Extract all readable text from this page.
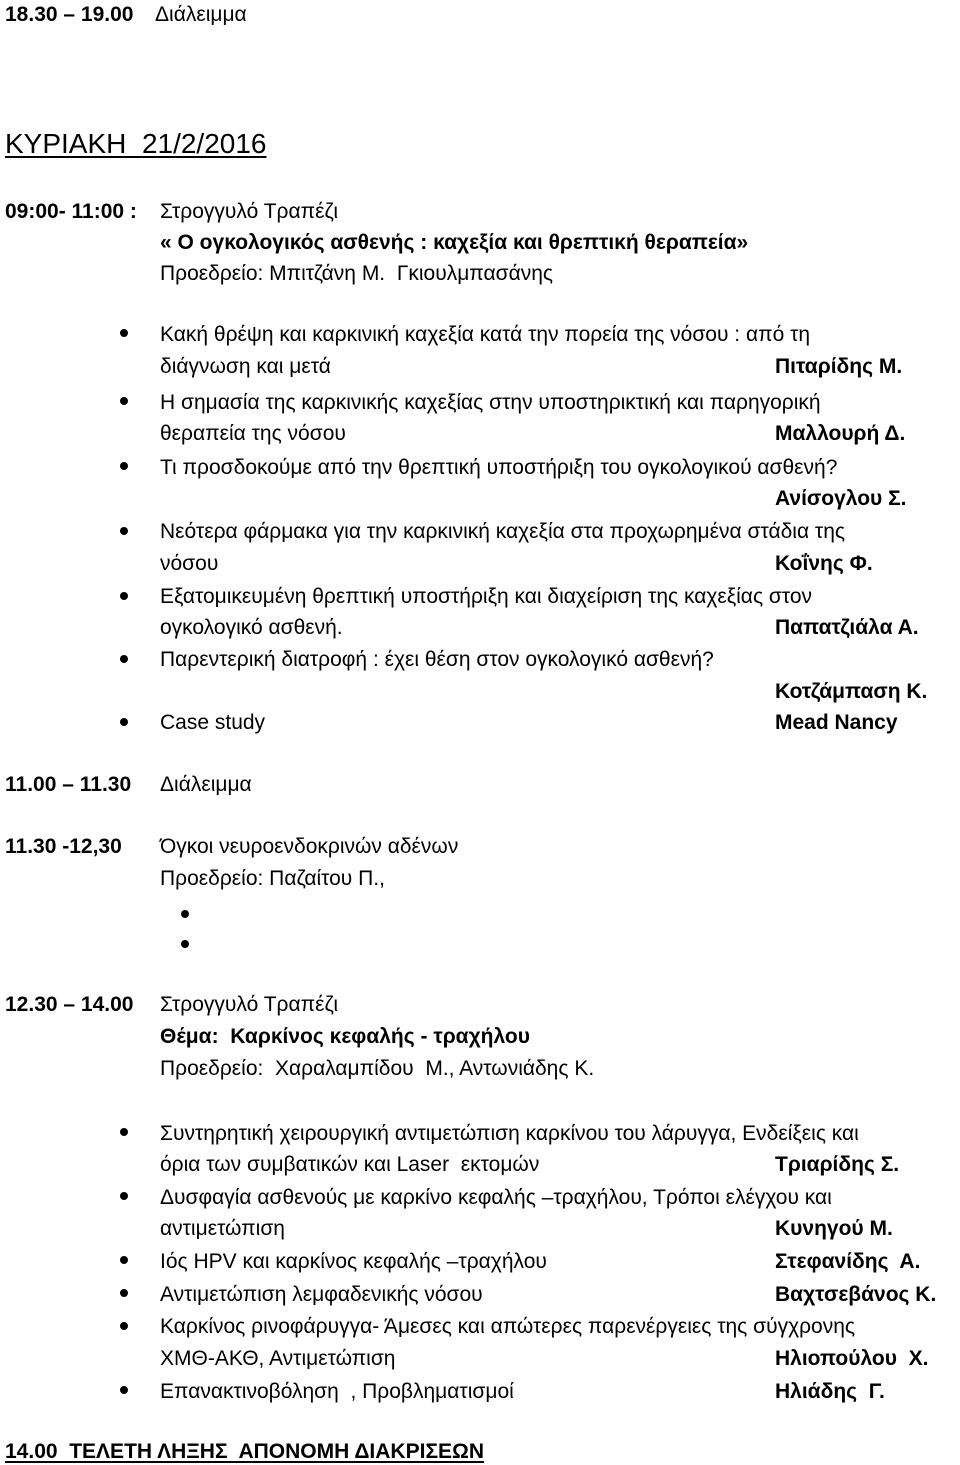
18.30 – 19.00 Διάλειμμα
ΚΥΡΙΑΚΗ  21/2/2016
09:00- 11:00 : Στρογγυλό Τραπέζι
« Ο ογκολογικός ασθενής : καχεξία και θρεπτική θεραπεία»
Προεδρείο: Μπιτζάνη Μ.  Γκιουλμπασάνης
Κακή θρέψη και καρκινική καχεξία κατά την πορεία της νόσου : από τη
διάγνωση και μετά	Πιταρίδης Μ.
Η σημασία της καρκινικής καχεξίας στην υποστηρικτική και παρηγορική
θεραπεία της νόσου	Μαλλουρή Δ.
Τι προσδοκούμε από την θρεπτική υποστήριξη του ογκολογικού ασθενή?
Ανίσογλου Σ.
Νεότερα φάρμακα για την καρκινική καχεξία στα προχωρημένα στάδια της
νόσου	Κοΐνης Φ.
Εξατομικευμένη θρεπτική υποστήριξη και διαχείριση της καχεξίας στον
ογκολογικό ασθενή.	Παπατζιάλα Α.
Παρεντερική διατροφή : έχει θέση στον ογκολογικό ασθενή?
Κοτζάμπαση Κ.
Case study	Mead Nancy
11.00 – 11.30 Διάλειμμα
11.30 -12,30 Όγκοι νευροενδοκρινών αδένων
Προεδρείο: Παζαίτου Π.,
12.30 – 14.00 Στρογγυλό Τραπέζι
Θέμα:  Καρκίνος κεφαλής - τραχήλου
Προεδρείο:  Χαραλαμπίδου  Μ., Αντωνιάδης Κ.
Συντηρητική χειρουργική αντιμετώπιση καρκίνου του λάρυγγα, Ενδείξεις και
όρια των συμβατικών και Laser  εκτομών	Τριαρίδης Σ.
Δυσφαγία ασθενούς με καρκίνο κεφαλής –τραχήλου, Τρόποι ελέγχου και
αντιμετώπιση	Κυνηγού Μ.
Ιός HPV και καρκίνος κεφαλής –τραχήλου	Στεφανίδης  Α.
Αντιμετώπιση λεμφαδενικής νόσου	Βαχτσεβάνος Κ.
Καρκίνος ρινοφάρυγγα- Άμεσες και απώτερες παρενέργειες της σύγχρονης
ΧΜΘ-ΑΚΘ, Αντιμετώπιση	Ηλιοπούλου  Χ.
Επανακτινοβόληση  , Προβληματισμοί	Ηλιάδης  Γ.
14.00  ΤΕΛΕΤΗ ΛΗΞΗΣ  ΑΠΟΝΟΜΗ ΔΙΑΚΡΙΣΕΩΝ
